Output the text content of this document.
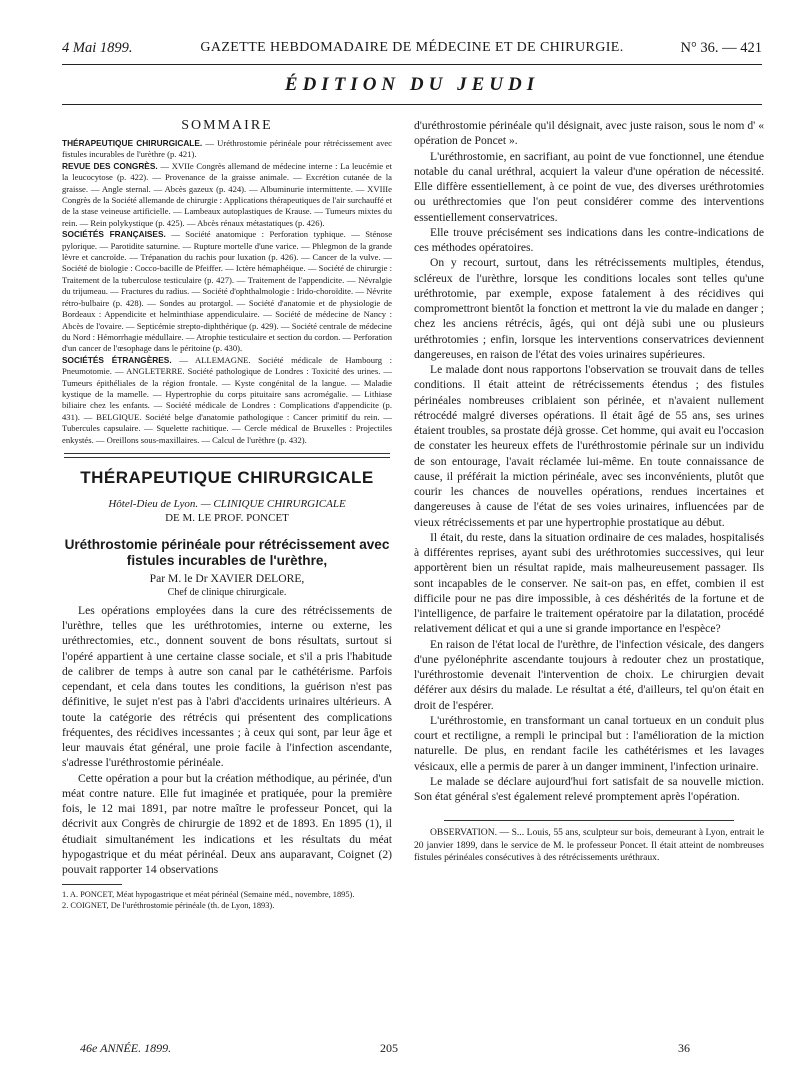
4 Mai 1899.	GAZETTE HEBDOMADAIRE DE MÉDECINE ET DE CHIRURGIE.	N° 36. — 421
ÉDITION DU JEUDI
SOMMAIRE

THÉRAPEUTIQUE CHIRURGICALE. — Uréthrostomie périnéale pour rétrécissement avec fistules incurables de l'urèthre (p. 421).

REVUE DES CONGRÈS. — XVIIe Congrès allemand de médecine interne : La leucémie et la leucocytose (p. 422). — Provenance de la graisse animale. — Excrétion cutanée de la graisse. — Angle sternal. — Abcès gazeux (p. 424). — Albuminurie intermittente. — XVIIIe Congrès de la Société allemande de chirurgie : Applications thérapeutiques de l'air surchauffé et de la stase veineuse artificielle. — Lambeaux autoplastiques de Krause. — Tumeurs mixtes du rein. — Rein polykystique (p. 425). — Abcès rénaux métastatiques (p. 426).

SOCIÉTÉS FRANÇAISES. — Société anatomique : Perforation typhique. — Sténose pylorique. — Parotidite saturnine. — Rupture mortelle d'une varice. — Phlegmon de la grande lèvre et cancroïde. — Trépanation du rachis pour luxation (p. 426). — Cancer de la vulve. — Société de biologie : Cocco-bacille de Pfeiffer. — Ictère hémaphéique. — Société de chirurgie : Traitement de la tuberculose testiculaire (p. 427). — Traitement de l'appendicite. — Névralgie du trijumeau. — Fractures du radius. — Société d'ophthalmologie : Irido-choroïdite. — Névrite rétro-bulbaire (p. 428). — Sondes au protargol. — Société d'anatomie et de physiologie de Bordeaux : Appendicite et helminthiase appendiculaire. — Société de médecine de Nancy : Abcès de l'ovaire. — Septicémie strepto-diphthérique (p. 429). — Société centrale de médecine du Nord : Hémorrhagie médullaire. — Atrophie testiculaire et section du cordon. — Perforation d'un cancer de l'œsophage dans le péritoine (p. 430).

SOCIÉTÉS ÉTRANGÈRES. — ALLEMAGNE. Société médicale de Hambourg : Pneumotomie. — ANGLETERRE. Société pathologique de Londres : Toxicité des urines. — Tumeurs épithéliales de la région frontale. — Kyste congénital de la langue. — Maladie kystique de la mamelle. — Hypertrophie du corps pituitaire sans acromégalie. — Lithiase biliaire chez les enfants. — Société médicale de Londres : Complications d'appendicite (p. 431). — BELGIQUE. Société belge d'anatomie pathologique : Cancer primitif du rein. — Tubercules capsulaire. — Squelette rachitique. — Cercle médical de Bruxelles : Projectiles enkystés. — Oreillons sous-maxillaires. — Calcul de l'urèthre (p. 432).

THÉRAPEUTIQUE CHIRURGICALE

Hôtel-Dieu de Lyon. — CLINIQUE CHIRURGICALE

DE M. LE PROF. PONCET

Uréthrostomie périnéale pour rétrécissement avec fistules incurables de l'urèthre,

Par M. le Dr XAVIER DELORE,

Chef de clinique chirurgicale.

Les opérations employées dans la cure des rétrécissements de l'urèthre, telles que les uréthrotomies, interne ou externe, les uréthrectomies, etc., donnent souvent de bons résultats, surtout si l'opéré appartient à une certaine classe sociale, et s'il a pris l'habitude de calibrer de temps à autre son canal par le cathétérisme. Parfois cependant, et cela dans toutes les conditions, la guérison n'est pas définitive, le sujet n'est pas à l'abri d'accidents urinaires ultérieurs. A toute la catégorie des rétrécis qui présentent des complications fréquentes, des récidives incessantes ; à ceux qui sont, par leur âge et leur mauvais état général, une proie facile à l'infection ascendante, s'adresse l'uréthrostomie périnéale.

Cette opération a pour but la création méthodique, au périnée, d'un méat contre nature. Elle fut imaginée et pratiquée, pour la première fois, le 12 mai 1891, par notre maître le professeur Poncet, qui la décrivit aux Congrès de chirurgie de 1892 et de 1893. En 1895 (1), il étudiait simultanément les indications et les résultats du méat hypogastrique et du méat périnéal. Deux ans auparavant, Coignet (2) pouvait rapporter 14 observations

1. A. PONCET, Méat hypogastrique et méat périnéal (Semaine méd., novembre, 1895).

2. COIGNET, De l'uréthrostomie périnéale (th. de Lyon, 1893).

d'uréthrostomie périnéale qu'il désignait, avec juste raison, sous le nom d' « opération de Poncet ».

L'uréthrostomie, en sacrifiant, au point de vue fonctionnel, une étendue notable du canal uréthral, acquiert la valeur d'une opération de nécessité. Elle diffère essentiellement, à ce point de vue, des diverses uréthrotomies ou uréthrectomies que l'on peut considérer comme des interventions essentiellement conservatrices.

Elle trouve précisément ses indications dans les contre-indications de ces méthodes opératoires.

On y recourt, surtout, dans les rétrécissements multiples, étendus, scléreux de l'urèthre, lorsque les conditions locales sont telles qu'une uréthrotomie, par exemple, expose fatalement à des récidives qui compromettront bientôt la fonction et mettront la vie du malade en danger ; chez les anciens rétrécis, âgés, qui ont déjà subi une ou plusieurs uréthrotomies ; enfin, lorsque les interventions conservatrices deviennent dangereuses, en raison de l'état des voies urinaires supérieures.

Le malade dont nous rapportons l'observation se trouvait dans de telles conditions. Il était atteint de rétrécissements étendus ; des fistules périnéales nombreuses criblaient son périnée, et n'avaient nullement rétrocédé malgré diverses opérations. Il était âgé de 55 ans, ses urines étaient troubles, sa prostate déjà grosse. Cet homme, qui avait eu l'occasion de constater les heureux effets de l'uréthrostomie périnale sur un individu de son entourage, l'avait réclamée lui-même. En toute connaissance de cause, il préférait la miction périnéale, avec ses inconvénients, plutôt que courir les chances de nouvelles opérations, rendues incertaines et dangereuses à cause de l'état de ses voies urinaires, influencées par de vieux rétrécissements et par une hypertrophie prostatique au début.

Il était, du reste, dans la situation ordinaire de ces malades, hospitalisés à différentes reprises, ayant subi des uréthrotomies successives, qui leur apportèrent bien un résultat rapide, mais malheureusement passager. Ils sont incapables de le conserver. Ne sait-on pas, en effet, combien il est difficile pour ne pas dire impossible, à ces déshérités de la fortune et de l'intelligence, de parfaire le traitement opératoire par la dilatation, procédé relativement délicat et qui a une si grande importance en l'espèce?

En raison de l'état local de l'urèthre, de l'infection vésicale, des dangers d'une pyélonéphrite ascendante toujours à redouter chez un prostatique, l'uréthrostomie devenait l'intervention de choix. Le chirurgien devait déférer aux désirs du malade. Le résultat a été, d'ailleurs, tel qu'on était en droit de l'espérer.

L'uréthrostomie, en transformant un canal tortueux en un conduit plus court et rectiligne, a rempli le principal but : l'amélioration de la miction naturelle. De plus, en rendant facile les cathétérismes et les lavages vésicaux, elle a permis de parer à un danger imminent, l'infection urinaire.

Le malade se déclare aujourd'hui fort satisfait de sa nouvelle miction. Son état général s'est également relevé promptement après l'opération.

OBSERVATION. — S... Louis, 55 ans, sculpteur sur bois, demeurant à Lyon, entrait le 20 janvier 1899, dans le service de M. le professeur Poncet. Il était atteint de nombreuses fistules périnéales consécutives à des rétrécissements uréthraux.

46e ANNÉE. 1899.	205	36
